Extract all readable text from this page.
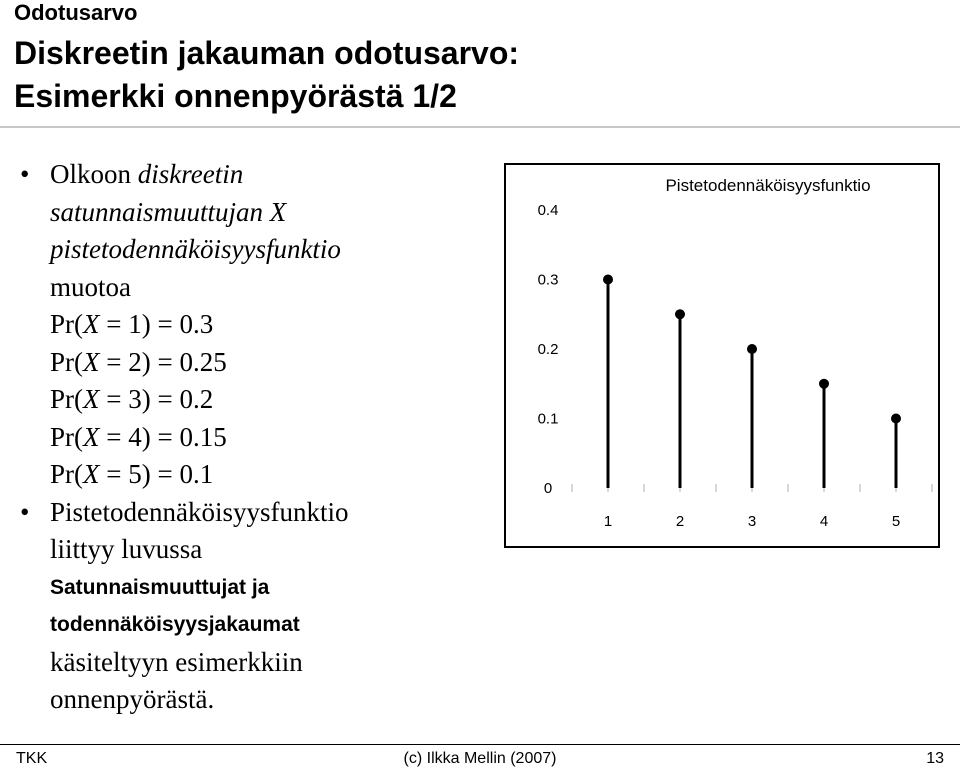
Odotusarvo
Diskreetin jakauman odotusarvo:
Esimerkki onnenpyörästä 1/2
• Olkoon diskreetin
satunnaismuuttujan X
pistetodennäköisyysfunktio
muotoa
Pr(X = 1) = 0.3
Pr(X = 2) = 0.25
Pr(X = 3) = 0.2
Pr(X = 4) = 0.15
Pr(X = 5) = 0.1
• Pistetodennäköisyysfunktio
liittyy luvussa
Satunnaismuuttujat ja
todennäköisyysjakaumat
käsiteltyyn esimerkkiin
onnenpyörästä.
Pistetodennäköisyysfunktio
0
0.1
0.2
0.3
0.4
1	2	3	4	5
TKK	(c) Ilkka Mellin (2007)	13
